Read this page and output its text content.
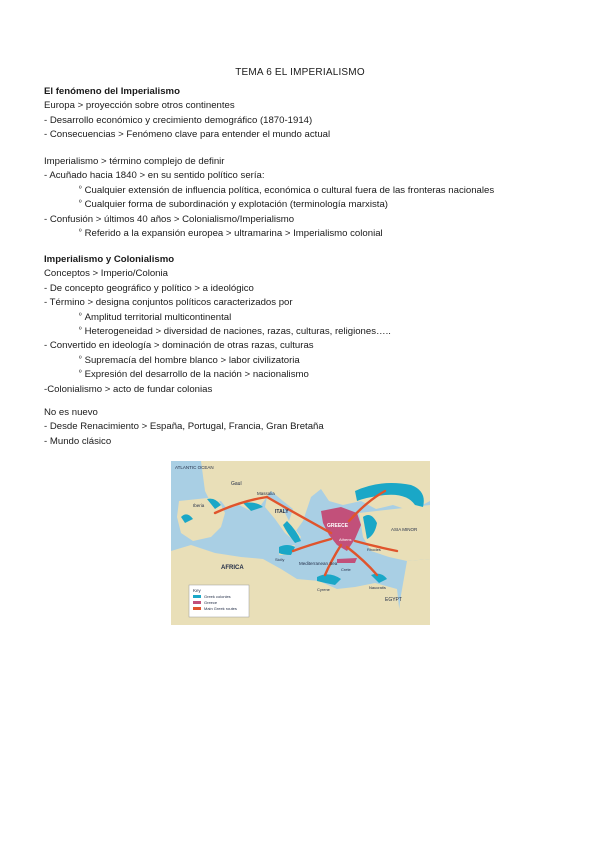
TEMA 6 EL IMPERIALISMO
El fenómeno del Imperialismo
Europa > proyección sobre otros continentes
- Desarrollo económico y crecimiento demográfico (1870-1914)
- Consecuencias > Fenómeno clave para entender el mundo actual
Imperialismo > término complejo de definir
- Acuñado hacia 1840 > en su sentido político sería:
$^º$ Cualquier extensión de influencia política, económica o cultural fuera de las fronteras nacionales
$^º$ Cualquier forma de subordinación y explotación (terminología marxista)
- Confusión > últimos 40 años > Colonialismo/Imperialismo
$^º$ Referido a la expansión europea > ultramarina > Imperialismo colonial
Imperialismo y Colonialismo
Conceptos > Imperio/Colonia
- De concepto geográfico y político > a ideológico
- Término > designa conjuntos políticos caracterizados por
$^º$ Amplitud territorial multicontinental
$^º$ Heterogeneidad > diversidad de naciones, razas, culturas, religiones…..
- Convertido en ideología > dominación de otras razas, culturas
$^º$ Supremacía del hombre blanco > labor civilizatoria
$^º$ Expresión del desarrollo de la nación > nacionalismo
-Colonialismo > acto de fundar colonias
No es nuevo
- Desde Renacimiento > España, Portugal, Francia, Gran Bretaña
- Mundo clásico
ATLANTIC OCEAN
Iberia
Gaul
Massalia
ITALY
GREECE
ASIA MINOR
Athens
Rhodes
AFRICA
Mediterranean Sea
EGYPT
Sicily
Crete
Cyrene	Naucratis
Key
Greek colonies
Greece
Main Greek routes
